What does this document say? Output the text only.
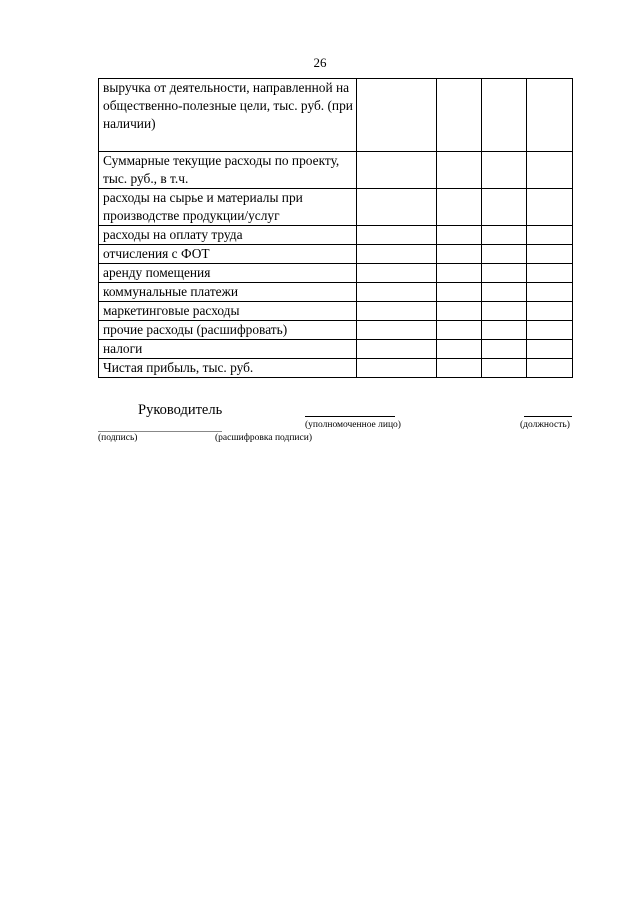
26
выручка от деятельности, направленной на общественно-полезные цели, тыс. руб. (при наличии)				
Суммарные текущие расходы по проекту, тыс. руб., в т.ч.				
расходы на сырье и материалы при производстве продукции/услуг				
расходы на оплату труда				
отчисления с ФОТ				
аренду помещения				
коммунальные платежи				
маркетинговые расходы				
прочие расходы (расшифровать)				
налоги				
Чистая прибыль, тыс. руб.				
Руководитель
(уполномоченное лицо)	(должность)
(подпись)	(расшифровка подписи)
